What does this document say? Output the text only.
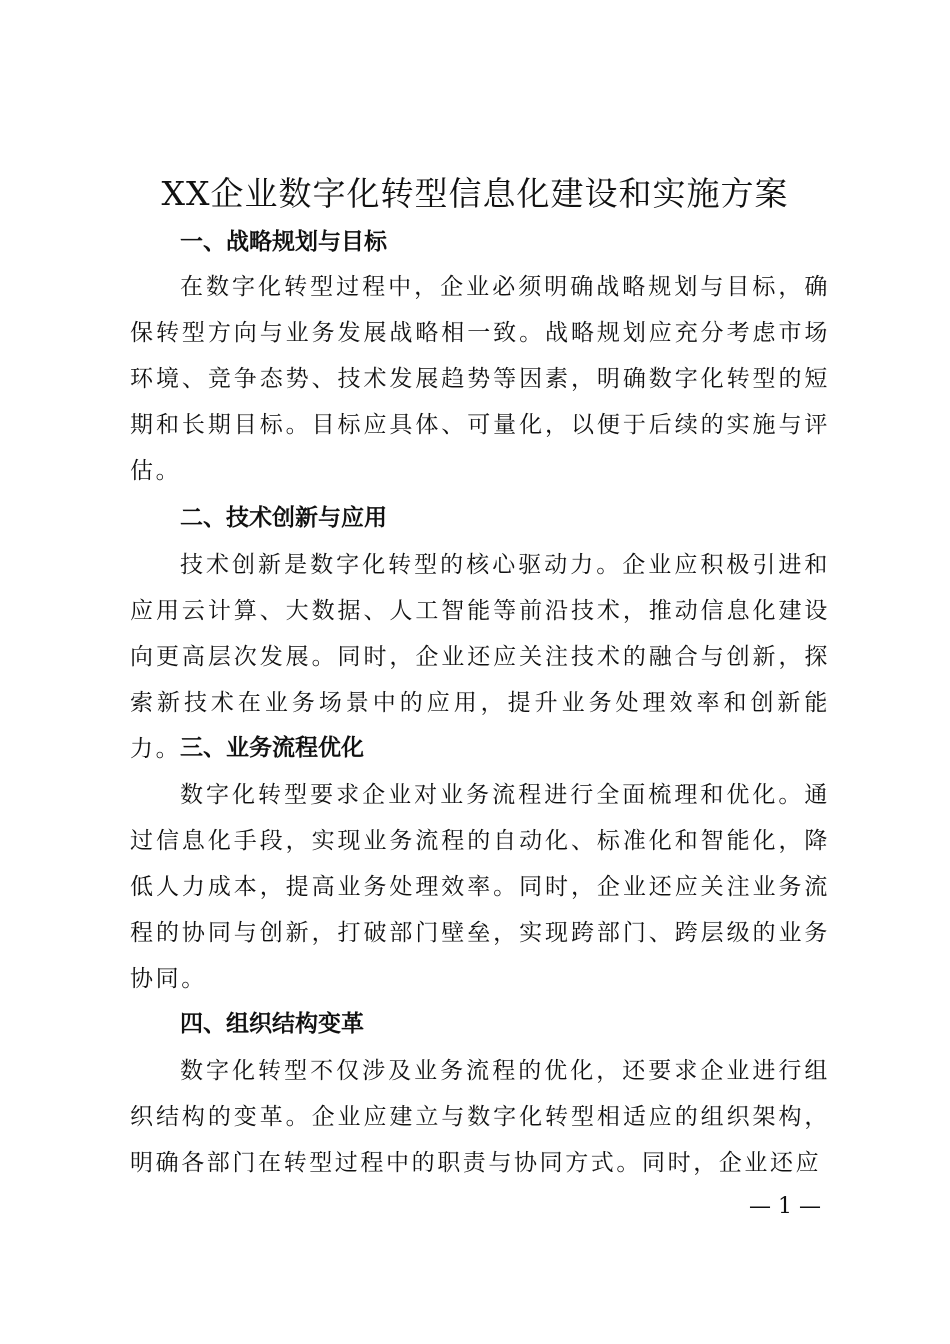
XX企业数字化转型信息化建设和实施方案
一、战略规划与目标

在数字化转型过程中，企业必须明确战略规划与目标，确保转型方向与业务发展战略相一致。战略规划应充分考虑市场环境、竞争态势、技术发展趋势等因素，明确数字化转型的短期和长期目标。目标应具体、可量化，以便于后续的实施与评估。

二、技术创新与应用

技术创新是数字化转型的核心驱动力。企业应积极引进和应用云计算、大数据、人工智能等前沿技术，推动信息化建设向更高层次发展。同时，企业还应关注技术的融合与创新，探索新技术在业务场景中的应用，提升业务处理效率和创新能力。

三、业务流程优化

数字化转型要求企业对业务流程进行全面梳理和优化。通过信息化手段，实现业务流程的自动化、标准化和智能化，降低人力成本，提高业务处理效率。同时，企业还应关注业务流程的协同与创新，打破部门壁垒，实现跨部门、跨层级的业务协同。

四、组织结构变革

数字化转型不仅涉及业务流程的优化，还要求企业进行组织结构的变革。企业应建立与数字化转型相适应的组织架构，明确各部门在转型过程中的职责与协同方式。同时，企业还应

— 1 —
